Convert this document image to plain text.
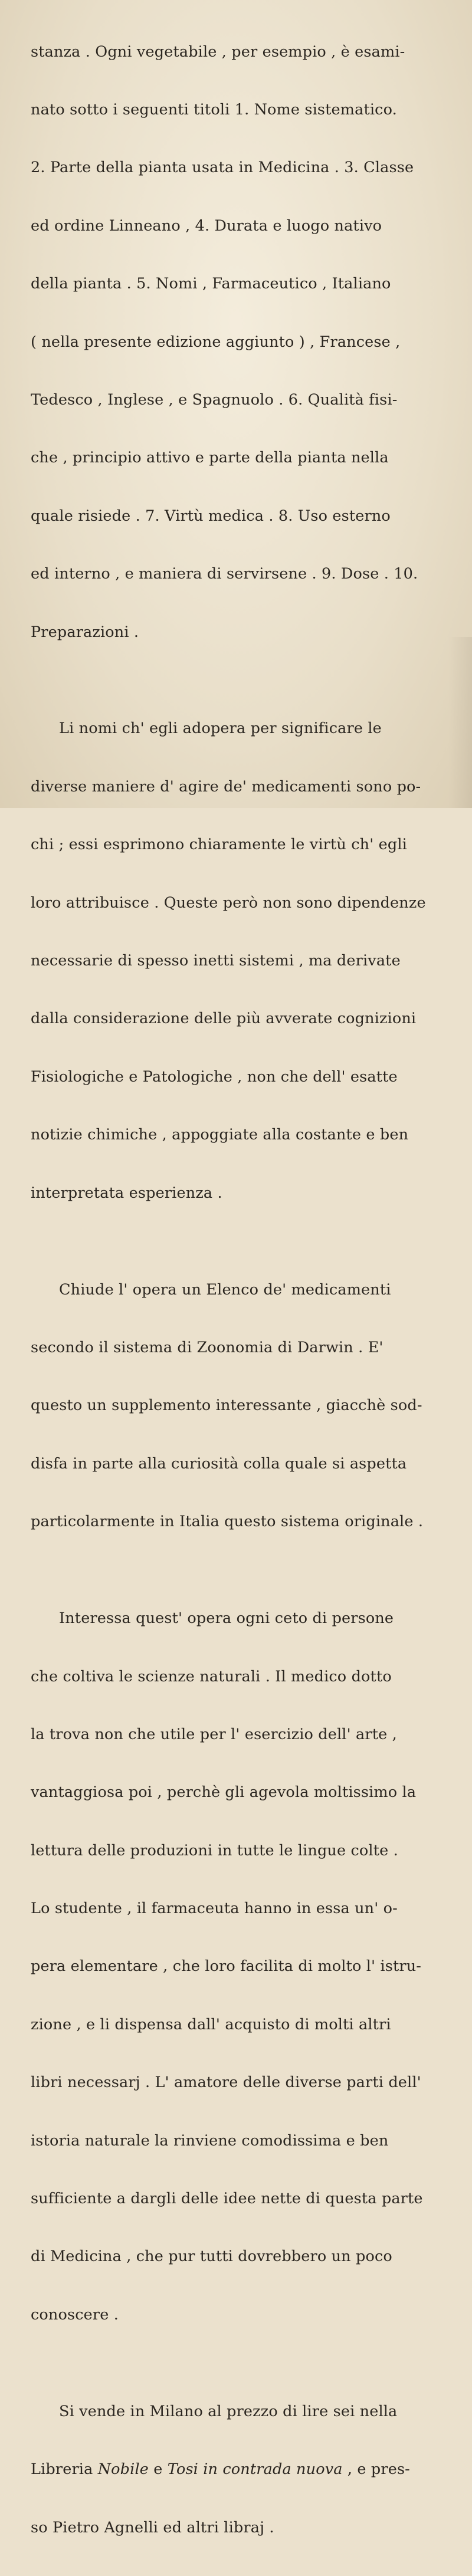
stanza . Ogni vegetabile , per esempio , è esami-

nato sotto i seguenti titoli 1. Nome sistematico.

2. Parte della pianta usata in Medicina . 3. Classe

ed ordine Linneano , 4. Durata e luogo nativo

della pianta . 5. Nomi , Farmaceutico , Italiano

( nella presente edizione aggiunto ) , Francese ,

Tedesco , Inglese , e Spagnuolo . 6. Qualità fisi-

che , principio attivo e parte della pianta nella

quale risiede . 7. Virtù medica . 8. Uso esterno

ed interno , e maniera di servirsene . 9. Dose . 10.

Preparazioni .

Li nomi ch' egli adopera per significare le

diverse maniere d' agire de' medicamenti sono po-

chi ; essi esprimono chiaramente le virtù ch' egli

loro attribuisce . Queste però non sono dipendenze

necessarie di spesso inetti sistemi , ma derivate

dalla considerazione delle più avverate cognizioni

Fisiologiche e Patologiche , non che dell' esatte

notizie chimiche , appoggiate alla costante e ben

interpretata esperienza .

Chiude l' opera un Elenco de' medicamenti

secondo il sistema di Zoonomia di Darwin . E'

questo un supplemento interessante , giacchè sod-

disfa in parte alla curiosità colla quale si aspetta

particolarmente in Italia questo sistema originale .

Interessa quest' opera ogni ceto di persone

che coltiva le scienze naturali . Il medico dotto

la trova non che utile per l' esercizio dell' arte ,

vantaggiosa poi , perchè gli agevola moltissimo la

lettura delle produzioni in tutte le lingue colte .

Lo studente , il farmaceuta hanno in essa un' o-

pera elementare , che loro facilita di molto l' istru-

zione , e li dispensa dall' acquisto di molti altri

libri necessarj . L' amatore delle diverse parti dell'

istoria naturale la rinviene comodissima e ben

sufficiente a dargli delle idee nette di questa parte

di Medicina , che pur tutti dovrebbero un poco

conoscere .

Si vende in Milano al prezzo di lire sei nella

Libreria Nobile e Tosi in contrada nuova , e pres-

so Pietro Agnelli ed altri libraj .
